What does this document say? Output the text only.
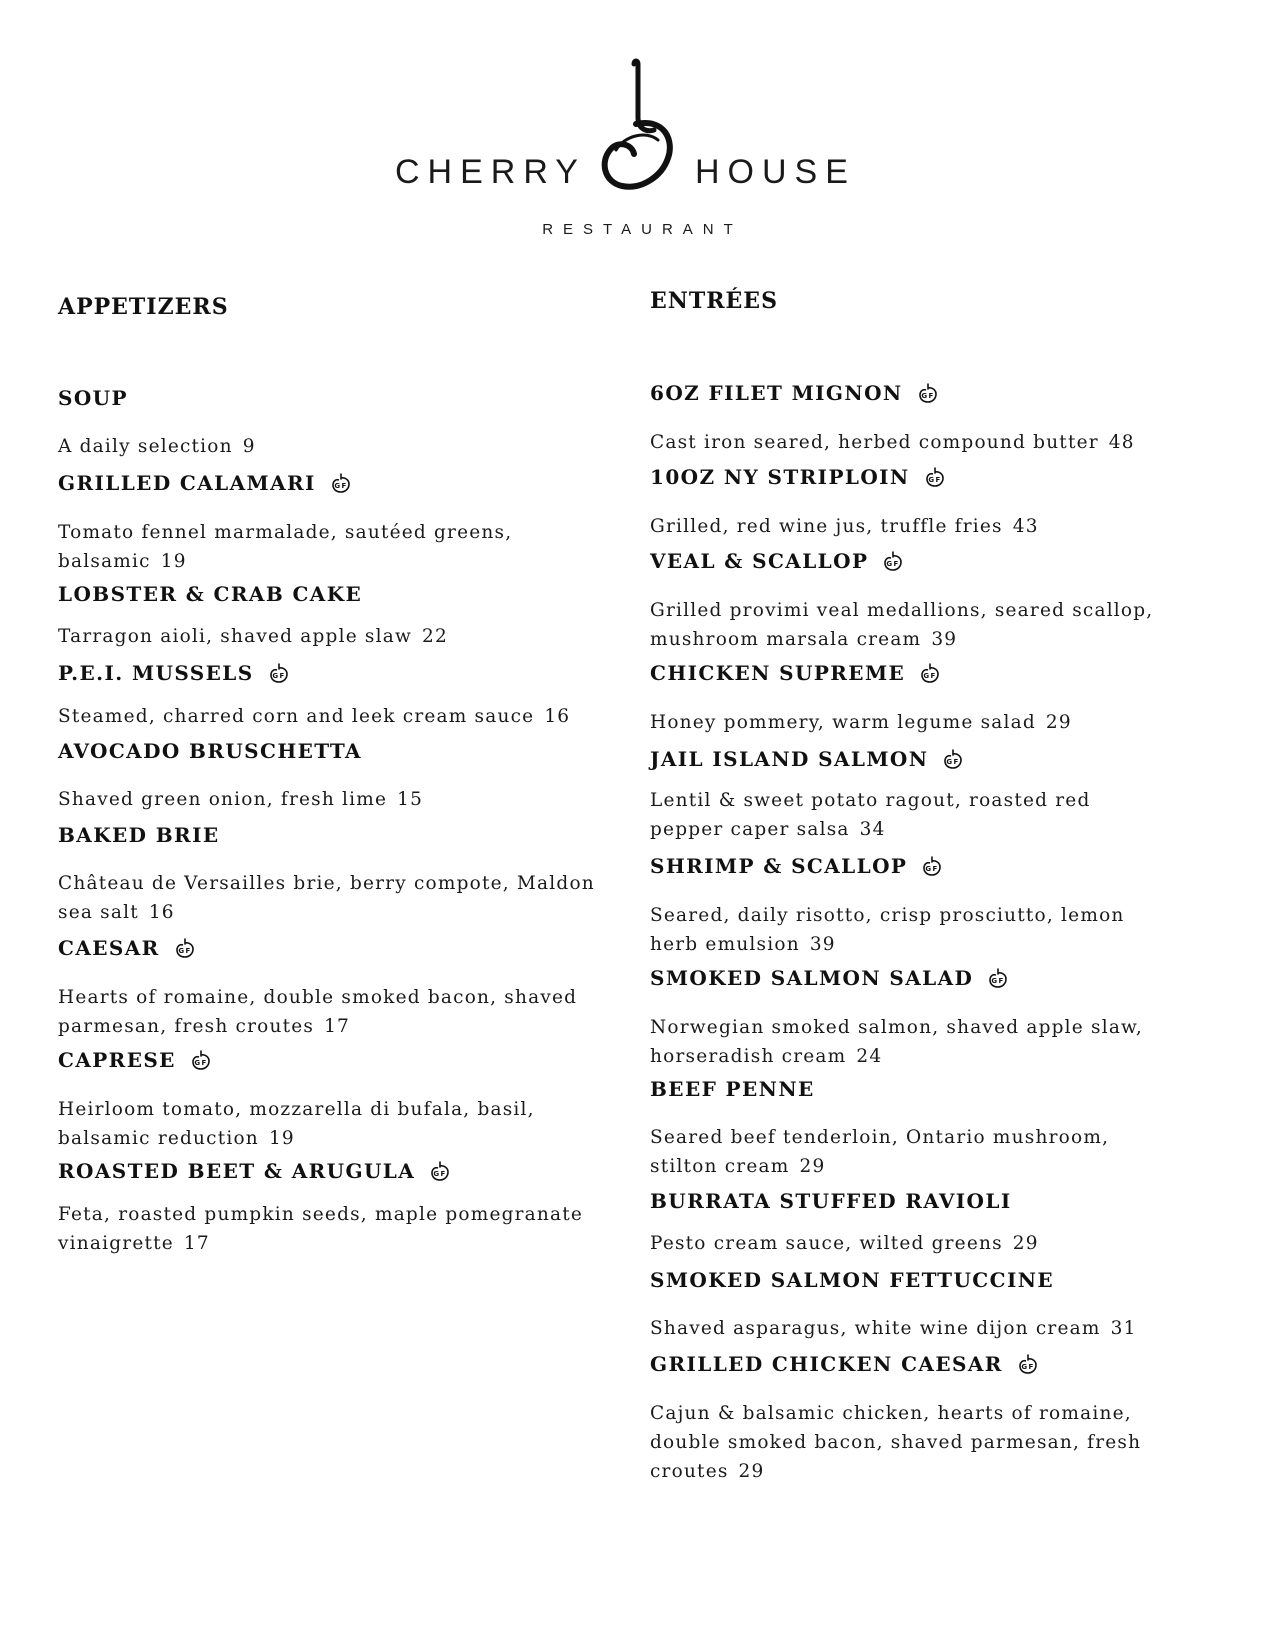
CHERRY	HOUSE
RESTAURANT
APPETIZERS
SOUP

A daily selection 9

GRILLED CALAMARI	GF

Tomato fennel marmalade, sautéed greens, balsamic 19

LOBSTER & CRAB CAKE

Tarragon aioli, shaved apple slaw 22

P.E.I. MUSSELS	GF

Steamed, charred corn and leek cream sauce 16

AVOCADO BRUSCHETTA

Shaved green onion, fresh lime 15

BAKED BRIE

Château de Versailles brie, berry compote, Maldon sea salt 16

CAESAR	GF

Hearts of romaine, double smoked bacon, shaved parmesan, fresh croutes 17

CAPRESE	GF

Heirloom tomato, mozzarella di bufala, basil, balsamic reduction 19

ROASTED BEET & ARUGULA	GF

Feta, roasted pumpkin seeds, maple pomegranate vinaigrette 17

ENTRÉES
6OZ FILET MIGNON	GF

Cast iron seared, herbed compound butter 48

10OZ NY STRIPLOIN	GF

Grilled, red wine jus, truffle fries 43

VEAL & SCALLOP	GF

Grilled provimi veal medallions, seared scallop, mushroom marsala cream 39

CHICKEN SUPREME	GF

Honey pommery, warm legume salad 29

JAIL ISLAND SALMON	GF

Lentil & sweet potato ragout, roasted red pepper caper salsa 34

SHRIMP & SCALLOP	GF

Seared, daily risotto, crisp prosciutto, lemon herb emulsion 39

SMOKED SALMON SALAD	GF

Norwegian smoked salmon, shaved apple slaw, horseradish cream 24

BEEF PENNE

Seared beef tenderloin, Ontario mushroom, stilton cream 29

BURRATA STUFFED RAVIOLI

Pesto cream sauce, wilted greens 29

SMOKED SALMON FETTUCCINE

Shaved asparagus, white wine dijon cream 31

GRILLED CHICKEN CAESAR	GF

Cajun & balsamic chicken, hearts of romaine, double smoked bacon, shaved parmesan, fresh croutes 29
